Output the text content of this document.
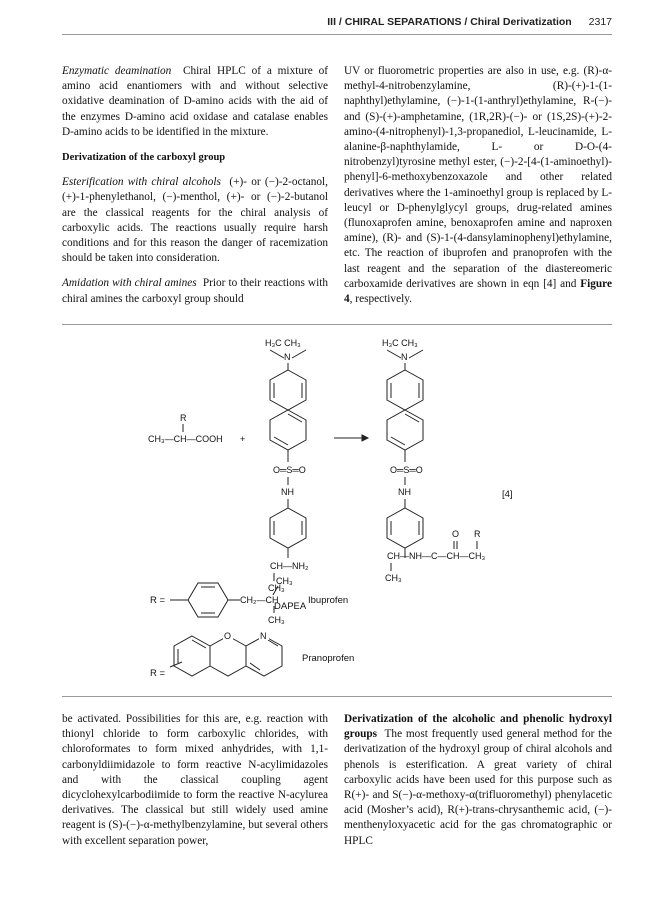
III / CHIRAL SEPARATIONS / Chiral Derivatization 2317

Enzymatic deamination Chiral HPLC of a mixture of amino acid enantiomers with and without selective oxidative deamination of D-amino acids with the aid of the enzymes D-amino acid oxidase and catalase enables D-amino acids to be identified in the mixture.

Derivatization of the carboxyl group

Esterification with chiral alcohols (+)- or (−)-2-octanol, (+)-1-phenylethanol, (−)-menthol, (+)- or (−)-2-butanol are the classical reagents for the chiral analysis of carboxylic acids. The reactions usually require harsh conditions and for this reason the danger of racemization should be taken into consideration.

Amidation with chiral amines Prior to their reactions with chiral amines the carboxyl group should

UV or fluorometric properties are also in use, e.g. (R)-α-methyl-4-nitrobenzylamine, (R)-(+)-1-(1-naphthyl)ethylamine, (−)-1-(1-anthryl)ethylamine, R-(−)- and (S)-(+)-amphetamine, (1R,2R)-(−)- or (1S,2S)-(+)-2-amino-(4-nitrophenyl)-1,3-propanediol, L-leucinamide, L-alanine-β-naphthylamide, L- or D-O-(4-nitrobenzyl)tyrosine methyl ester, (−)-2-[4-(1-aminoethyl)-phenyl]-6-methoxybenzoxazole and other related derivatives where the 1-aminoethyl group is replaced by L-leucyl or D-phenylglycyl groups, drug-related amines (flunoxaprofen amine, benoxaprofen amine and naproxen amine), (R)- and (S)-1-(4-dansylaminophenyl)ethylamine, etc. The reaction of ibuprofen and pranoprofen with the last reagent and the separation of the diastereomeric carboxamide derivatives are shown in eqn [4] and Figure 4, respectively.

H₃C CH₃
N
O═S═O
NH
CH—NH₂
CH₃
DAPEA
R
CH₃—CH—COOH +
H₃C CH₃
N
O═S═O
NH
O R
CH—NH—C—CH—CH₃
CH₃
[4]
R =	CH₂—CH
CH₃
CH₃
Ibuprofen
R =
O	N
Pranoprofen

be activated. Possibilities for this are, e.g. reaction with thionyl chloride to form carboxylic chlorides, with chloroformates to form mixed anhydrides, with 1,1-carbonyldiimidazole to form reactive N-acylimidazoles and with the classical coupling agent dicyclohexylcarbodiimide to form the reactive N-acylurea derivatives. The classical but still widely used amine reagent is (S)-(−)-α-methylbenzylamine, but several others with excellent separation power,

Derivatization of the alcoholic and phenolic hydroxyl groups The most frequently used general method for the derivatization of the hydroxyl group of chiral alcohols and phenols is esterification. A great variety of chiral carboxylic acids have been used for this purpose such as R(+)- and S(−)-α-methoxy-α(trifluoromethyl) phenylacetic acid (Mosher’s acid), R(+)-trans-chrysanthemic acid, (−)-menthenyloxyacetic acid for the gas chromatographic or HPLC
